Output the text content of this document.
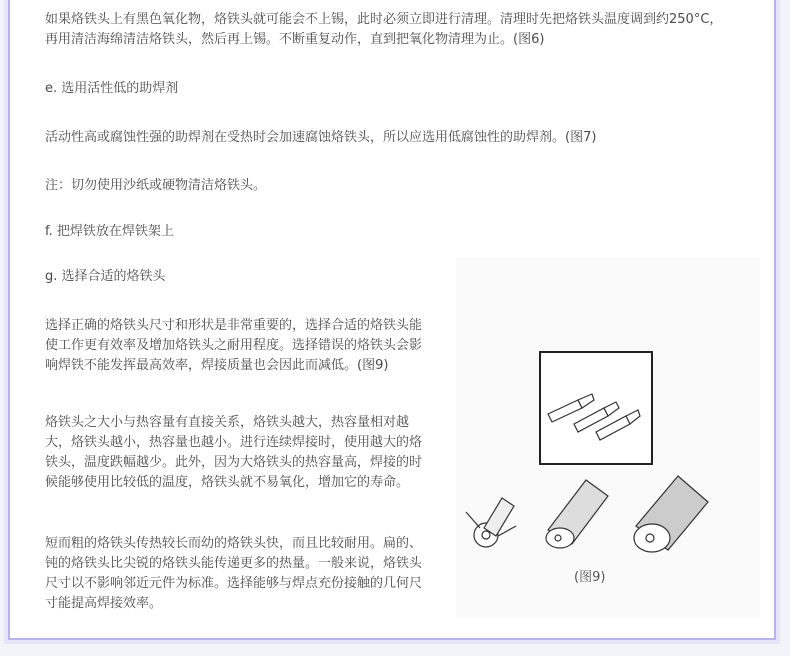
如果烙铁头上有黑色氧化物，烙铁头就可能会不上锡，此时必须立即进行清理。清理时先把烙铁头温度调到约250°C，再用清洁海绵清洁烙铁头，然后再上锡。不断重复动作，直到把氧化物清理为止。(图6)

e. 选用活性低的助焊剂

活动性高或腐蚀性强的助焊剂在受热时会加速腐蚀烙铁头，所以应选用低腐蚀性的助焊剂。(图7)

注：切勿使用沙纸或硬物清洁烙铁头。

f. 把焊铁放在焊铁架上

g. 选择合适的烙铁头

选择正确的烙铁头尺寸和形状是非常重要的，选择合适的烙铁头能使工作更有效率及增加烙铁头之耐用程度。选择错误的烙铁头会影响焊铁不能发挥最高效率，焊接质量也会因此而减低。(图9)

烙铁头之大小与热容量有直接关系，烙铁头越大，热容量相对越大，烙铁头越小，热容量也越小。进行连续焊接时，使用越大的烙铁头，温度跌幅越少。此外，因为大烙铁头的热容量高，焊接的时候能够使用比较低的温度，烙铁头就不易氧化，增加它的寿命。

短而粗的烙铁头传热较长而幼的烙铁头快，而且比较耐用。扁的、钝的烙铁头比尖锐的烙铁头能传递更多的热量。一般来说，烙铁头尺寸以不影响邻近元件为标准。选择能够与焊点充份接触的几何尺寸能提高焊接效率。

(图9)
